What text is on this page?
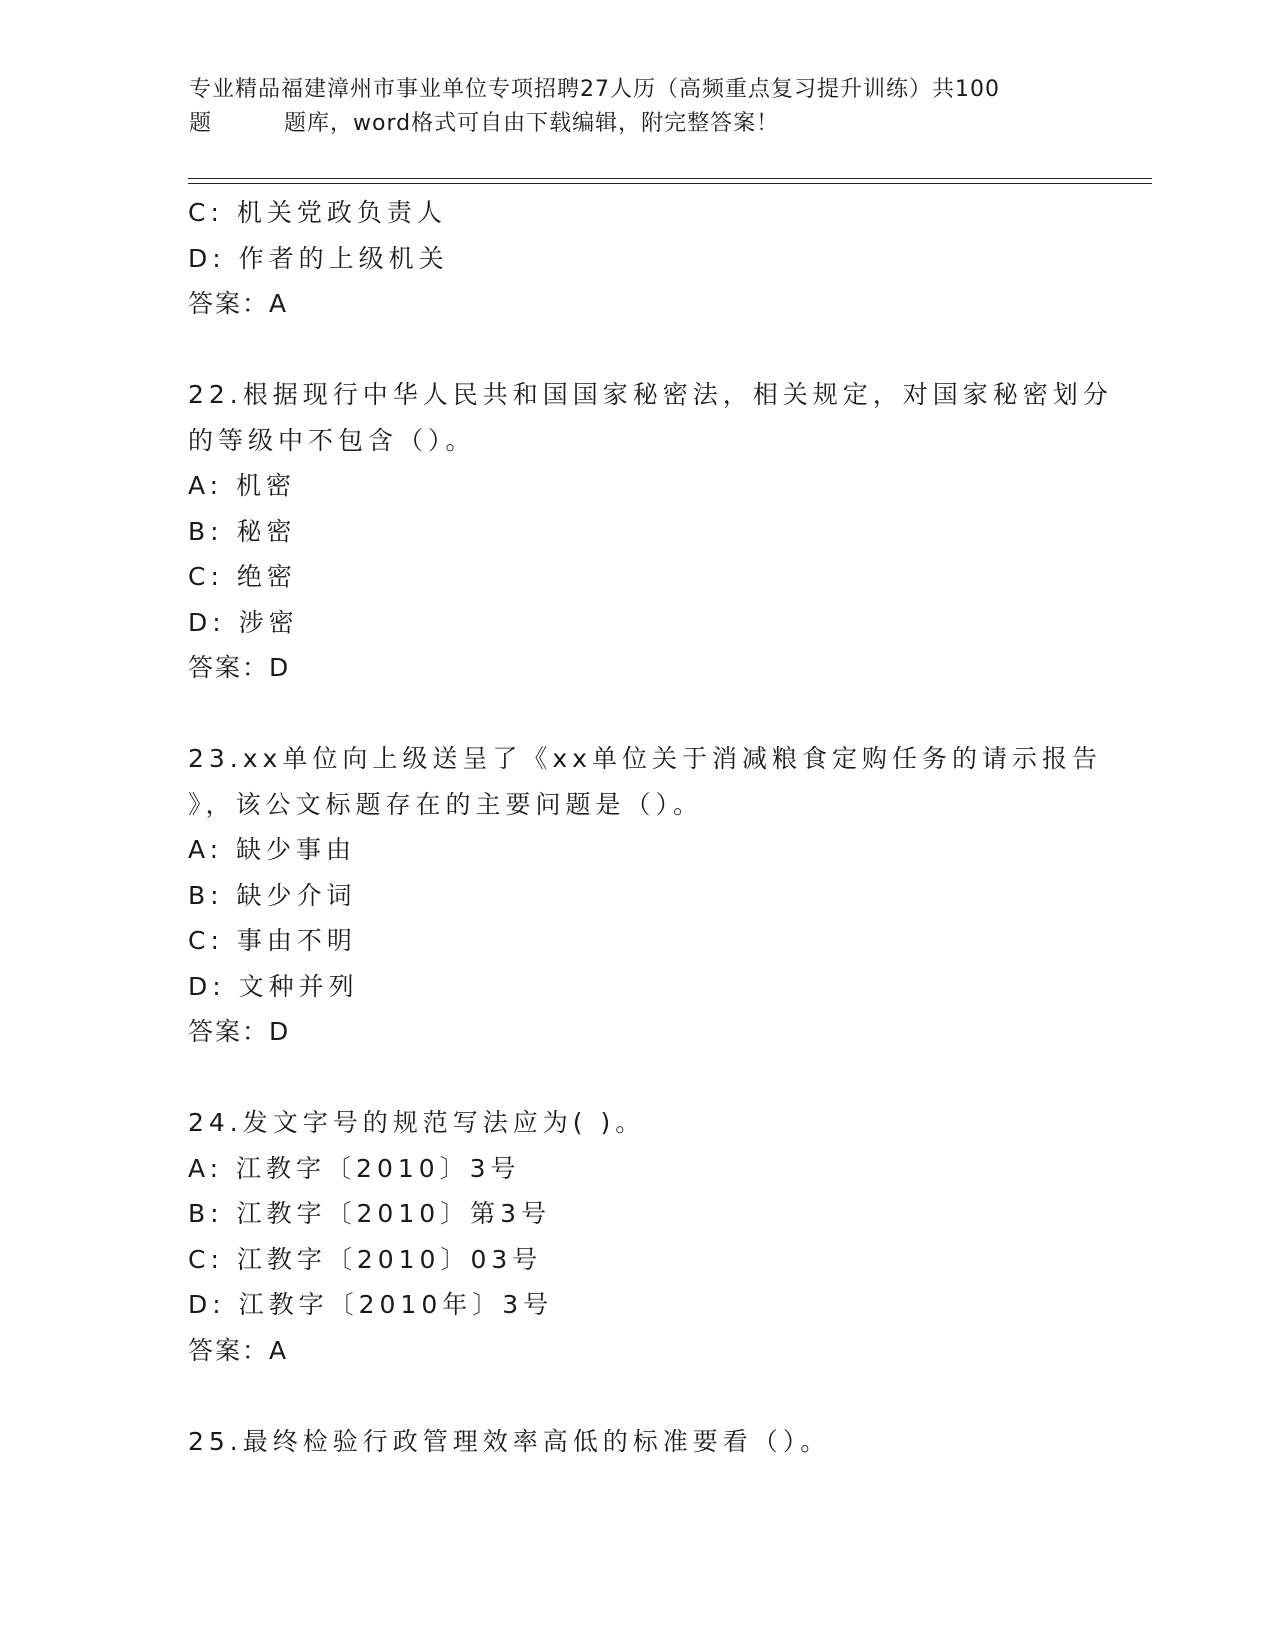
专业精品福建漳州市事业单位专项招聘27人历（高频重点复习提升训练）共100
题	题库，word格式可自由下载编辑，附完整答案！
C: 机关党政负责人
D: 作者的上级机关
答案：A
22.根据现行中华人民共和国国家秘密法，相关规定，对国家秘密划分
的等级中不包含（）。
A: 机密
B: 秘密
C: 绝密
D: 涉密
答案：D
23.xx单位向上级送呈了《xx单位关于消减粮食定购任务的请示报告
》，该公文标题存在的主要问题是（）。
A: 缺少事由
B: 缺少介词
C: 事由不明
D: 文种并列
答案：D
24.发文字号的规范写法应为( )。
A: 江教字〔2010〕3号
B: 江教字〔2010〕第3号
C: 江教字〔2010〕03号
D: 江教字〔2010年〕3号
答案：A
25.最终检验行政管理效率高低的标准要看（）。
